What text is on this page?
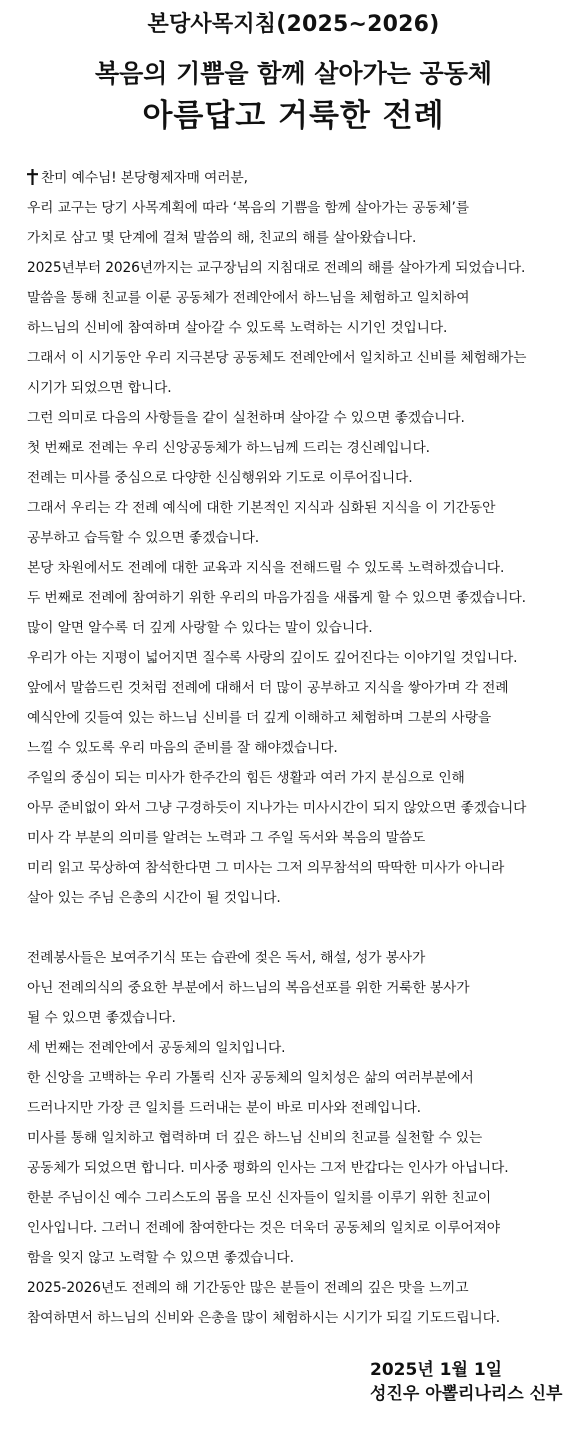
본당사목지침(2025~2026)
복음의 기쁨을 함께 살아가는 공동체
아름답고 거룩한 전례
찬미 예수님! 본당형제자매 여러분,
우리 교구는 당기 사목계획에 따라 ‘복음의 기쁨을 함께 살아가는 공동체’를
가치로 삼고 몇 단계에 걸쳐 말씀의 해, 친교의 해를 살아왔습니다.
2025년부터 2026년까지는 교구장님의 지침대로 전례의 해를 살아가게 되었습니다.
말씀을 통해 친교를 이룬 공동체가 전례안에서 하느님을 체험하고 일치하여
하느님의 신비에 참여하며 살아갈 수 있도록 노력하는 시기인 것입니다.
그래서 이 시기동안 우리 지극본당 공동체도 전례안에서 일치하고 신비를 체험해가는
시기가 되었으면 합니다.
그런 의미로 다음의 사항들을 같이 실천하며 살아갈 수 있으면 좋겠습니다.
첫 번째로 전례는 우리 신앙공동체가 하느님께 드리는 경신례입니다.
전례는 미사를 중심으로 다양한 신심행위와 기도로 이루어집니다.
그래서 우리는 각 전례 예식에 대한 기본적인 지식과 심화된 지식을 이 기간동안
공부하고 습득할 수 있으면 좋겠습니다.
본당 차원에서도 전례에 대한 교육과 지식을 전해드릴 수 있도록 노력하겠습니다.
두 번째로 전례에 참여하기 위한 우리의 마음가짐을 새롭게 할 수 있으면 좋겠습니다.
많이 알면 알수록 더 깊게 사랑할 수 있다는 말이 있습니다.
우리가 아는 지평이 넓어지면 질수록 사랑의 깊이도 깊어진다는 이야기일 것입니다.
앞에서 말씀드린 것처럼 전례에 대해서 더 많이 공부하고 지식을 쌓아가며 각 전례
예식안에 깃들여 있는 하느님 신비를 더 깊게 이해하고 체험하며 그분의 사랑을
느낄 수 있도록 우리 마음의 준비를 잘 해야겠습니다.
주일의 중심이 되는 미사가 한주간의 힘든 생활과 여러 가지 분심으로 인해
아무 준비없이 와서 그냥 구경하듯이 지나가는 미사시간이 되지 않았으면 좋겠습니다
미사 각 부분의 의미를 알려는 노력과 그 주일 독서와 복음의 말씀도
미리 읽고 묵상하여 참석한다면 그 미사는 그저 의무참석의 딱딱한 미사가 아니라
살아 있는 주님 은총의 시간이 될 것입니다.
전례봉사들은 보여주기식 또는 습관에 젖은 독서, 해설, 성가 봉사가
아닌 전례의식의 중요한 부분에서 하느님의 복음선포를 위한 거룩한 봉사가
될 수 있으면 좋겠습니다.
세 번째는 전례안에서 공동체의 일치입니다.
한 신앙을 고백하는 우리 가톨릭 신자 공동체의 일치성은 삶의 여러부분에서
드러나지만 가장 큰 일치를 드러내는 분이 바로 미사와 전례입니다.
미사를 통해 일치하고 협력하며 더 깊은 하느님 신비의 친교를 실천할 수 있는
공동체가 되었으면 합니다. 미사중 평화의 인사는 그저 반갑다는 인사가 아닙니다.
한분 주님이신 예수 그리스도의 몸을 모신 신자들이 일치를 이루기 위한 친교이
인사입니다. 그러니 전례에 참여한다는 것은 더욱더 공동체의 일치로 이루어져야
함을 잊지 않고 노력할 수 있으면 좋겠습니다.
2025-2026년도 전례의 해 기간동안 많은 분들이 전례의 깊은 맛을 느끼고
참여하면서 하느님의 신비와 은총을 많이 체험하시는 시기가 되길 기도드립니다.
2025년 1월 1일
성진우 아뽈리나리스 신부
